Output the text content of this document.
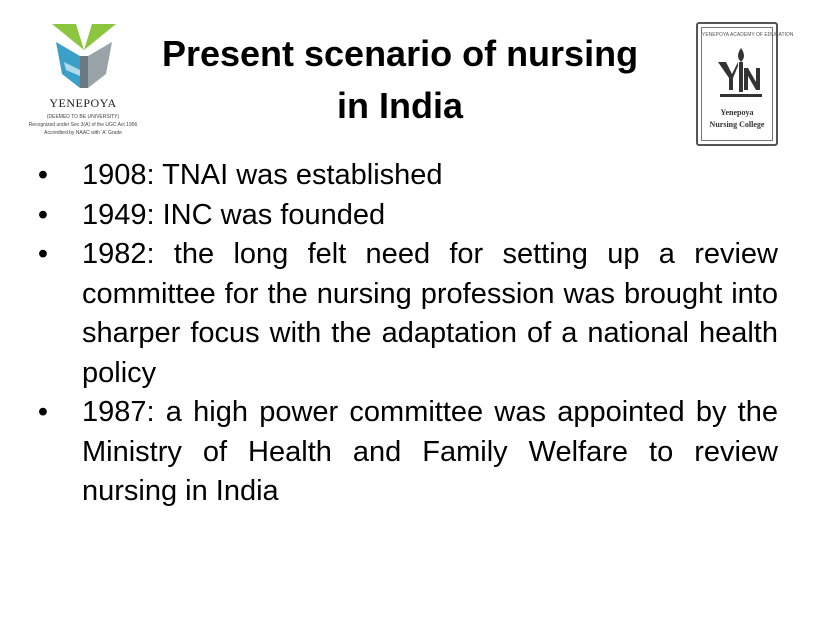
YENEPOYA
(DEEMED TO BE UNIVERSITY)
Recognized under Sec 3(A) of the UGC Act 1956
Accredited by NAAC with 'A' Grade
Present scenario of nursing
in India
YENEPOYA ACADEMY OF EDUCATION
Yenepoya
Nursing College
•	1908: TNAI was established
•	1949: INC was founded
•	1982: the long felt need for setting up a review committee for the nursing profession was brought into sharper focus with the adaptation of a national health policy
•	1987: a high power committee was appointed by the Ministry of Health and Family Welfare to review nursing in India
